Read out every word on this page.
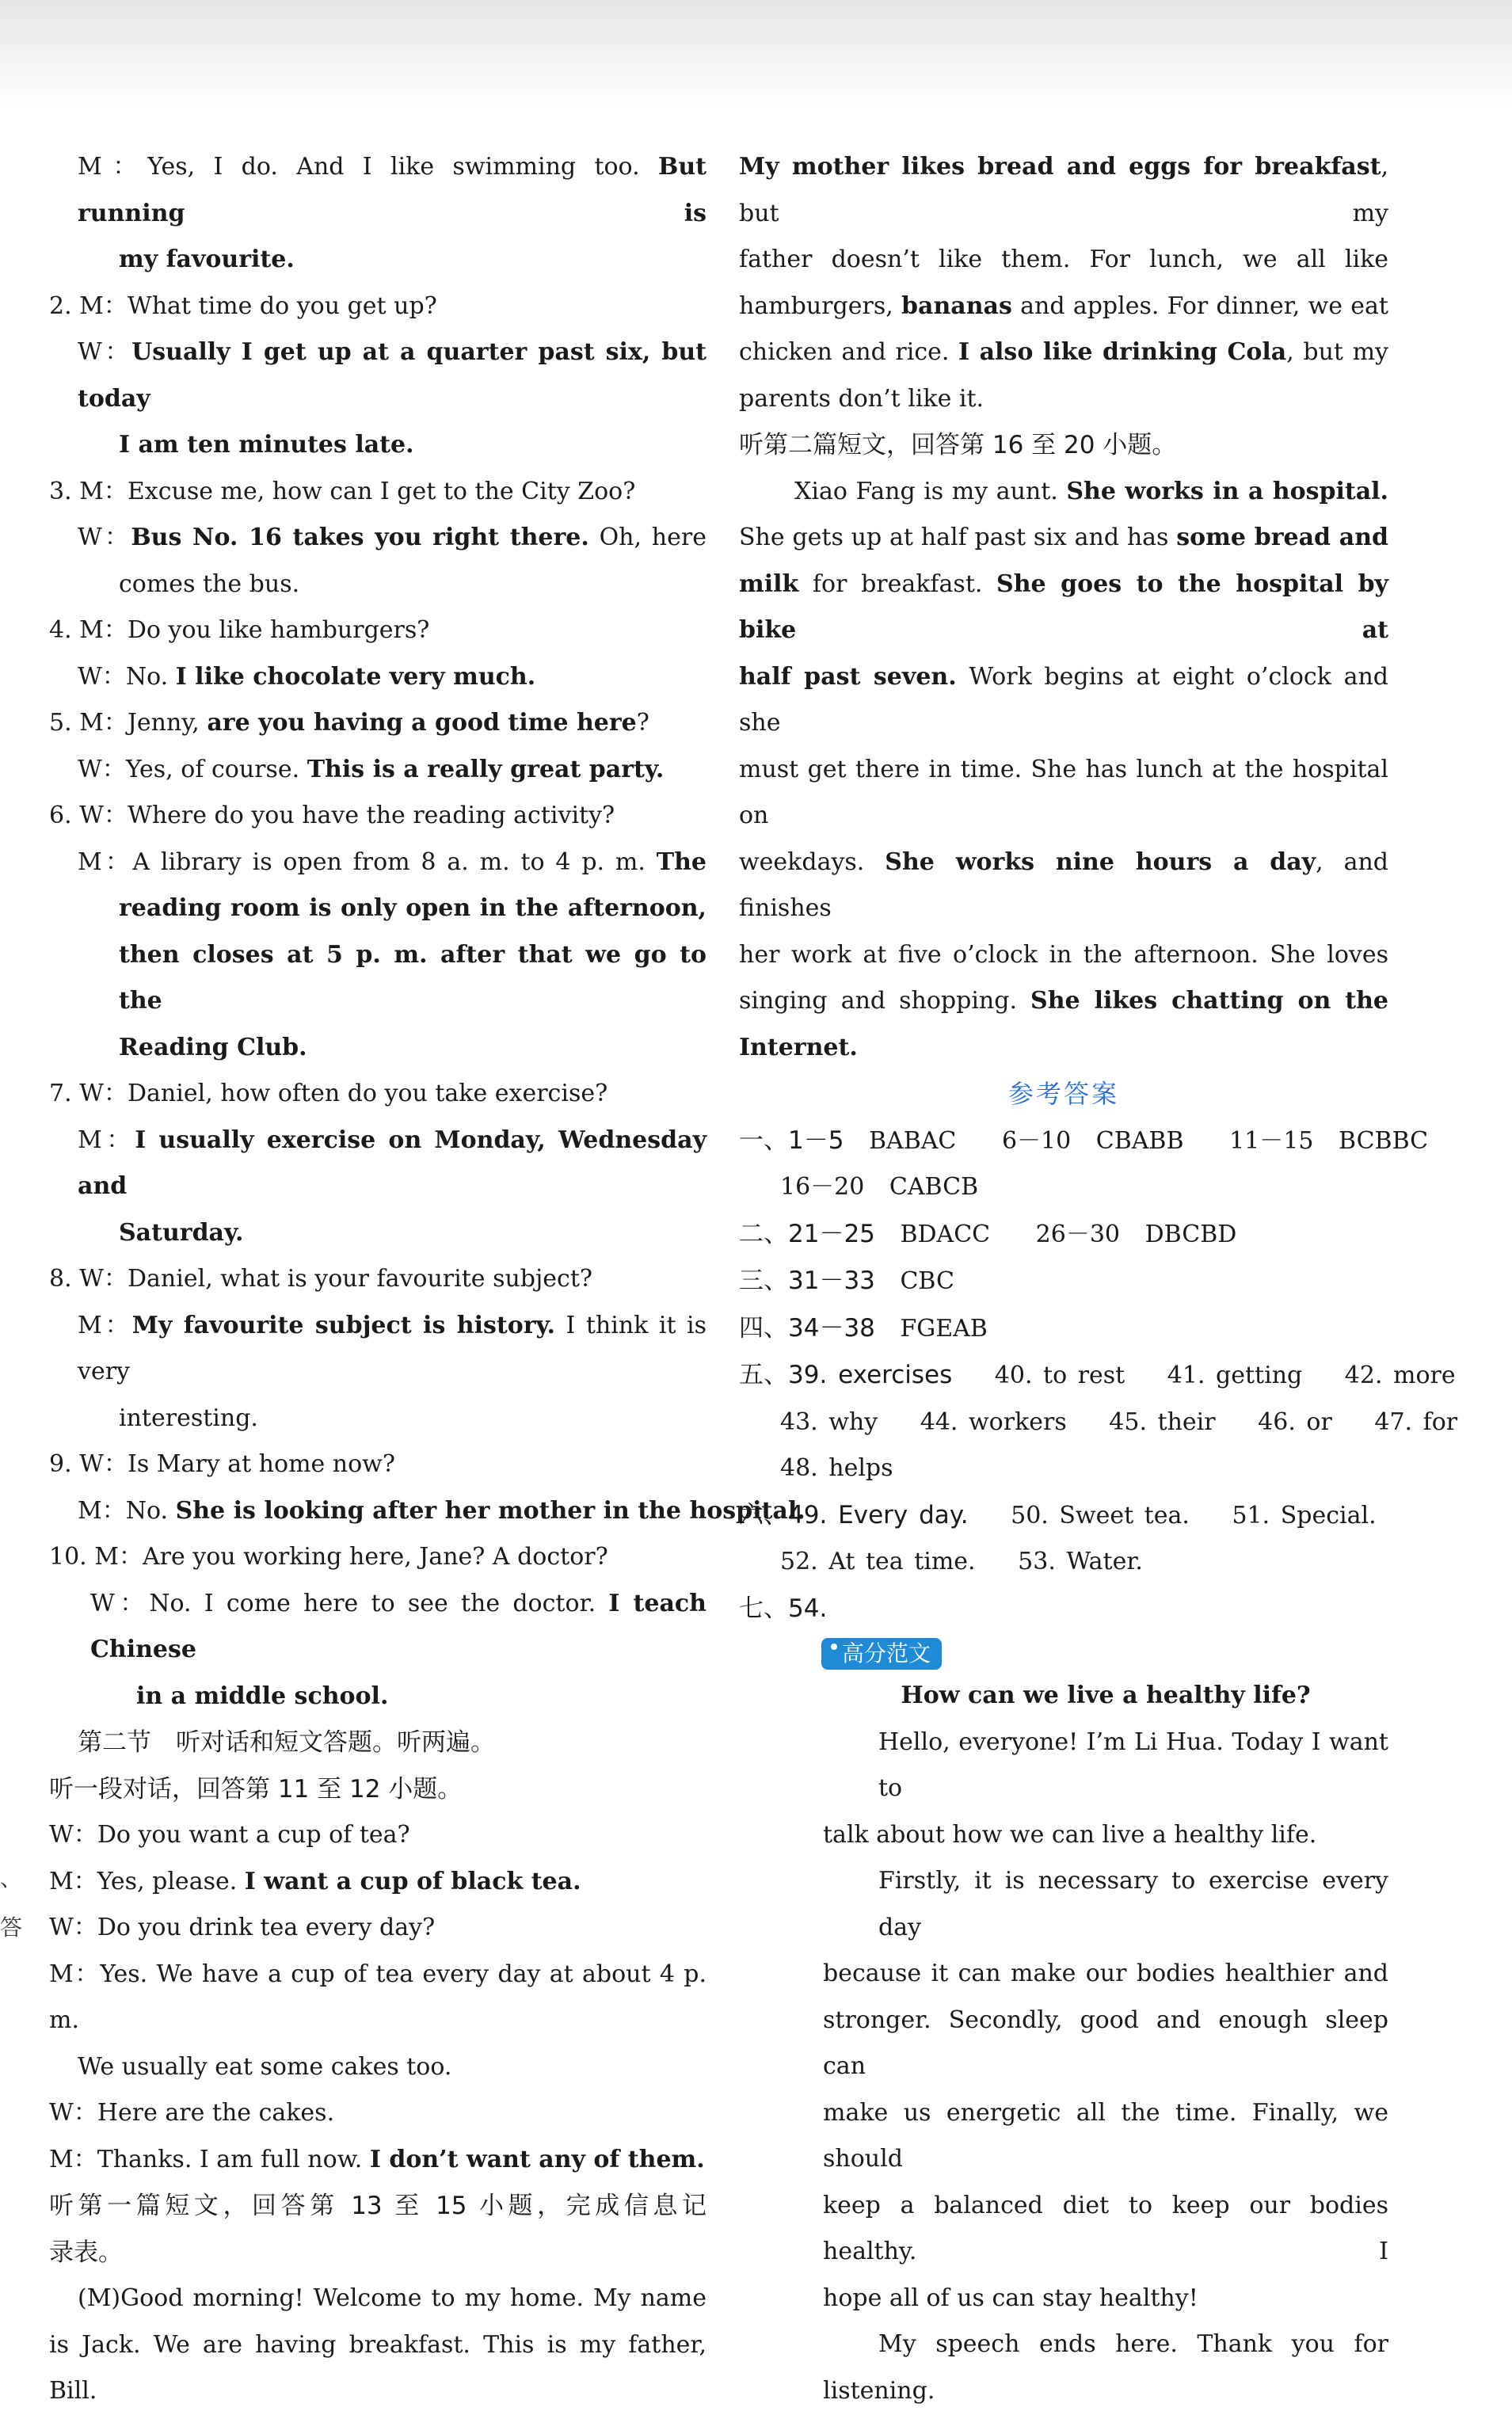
M：Yes, I do. And I like swimming too. But running is

my favourite.

2. M：What time do you get up?

W：Usually I get up at a quarter past six, but today

I am ten minutes late.

3. M：Excuse me, how can I get to the City Zoo?

W：Bus No. 16 takes you right there. Oh, here

comes the bus.

4. M：Do you like hamburgers?

W：No. I like chocolate very much.

5. M：Jenny, are you having a good time here?

W：Yes, of course. This is a really great party.

6. W：Where do you have the reading activity?

M：A library is open from 8 a. m. to 4 p. m. The

reading room is only open in the afternoon,

then closes at 5 p. m. after that we go to the

Reading Club.

7. W：Daniel, how often do you take exercise?

M：I usually exercise on Monday, Wednesday and

Saturday.

8. W：Daniel, what is your favourite subject?

M：My favourite subject is history. I think it is very

interesting.

9. W：Is Mary at home now?

M：No. She is looking after her mother in the hospital.

10. M：Are you working here, Jane? A doctor?

W：No. I come here to see the doctor. I teach Chinese

in a middle school.

第二节　听对话和短文答题。听两遍。

听一段对话，回答第 11 至 12 小题。

W：Do you want a cup of tea?

M：Yes, please. I want a cup of black tea.

W：Do you drink tea every day?

M：Yes. We have a cup of tea every day at about 4 p. m.

We usually eat some cakes too.

W：Here are the cakes.

M：Thanks. I am full now. I don’t want any of them.

听第一篇短文，回答第 13 至 15 小题，完成信息记

录表。

(M)Good morning! Welcome to my home. My name

is Jack. We are having breakfast. This is my father, Bill.

My mother likes bread and eggs for breakfast, but my

father doesn’t like them. For lunch, we all like

hamburgers, bananas and apples. For dinner, we eat

chicken and rice. I also like drinking Cola, but my

parents don’t like it.

听第二篇短文，回答第 16 至 20 小题。

Xiao Fang is my aunt. She works in a hospital.

She gets up at half past six and has some bread and

milk for breakfast. She goes to the hospital by bike at

half past seven. Work begins at eight o’clock and she

must get there in time. She has lunch at the hospital on

weekdays. She works nine hours a day, and finishes

her work at five o’clock in the afternoon. She loves

singing and shopping. She likes chatting on the

Internet.

参考答案

一、1－5 BABAC 6－10 CBABB 11－15 BCBBC

16－20 CABCB

二、21－25 BDACC 26－30 DBCBD

三、31－33 CBC

四、34－38 FGEAB

五、39. exercises 40. to rest 41. getting 42. more

43. why 44. workers 45. their 46. or 47. for

48. helps

六、49. Every day. 50. Sweet tea. 51. Special.

52. At tea time. 53. Water.

七、54.

高分范文

How can we live a healthy life?

Hello, everyone! I’m Li Hua. Today I want to

talk about how we can live a healthy life.

Firstly, it is necessary to exercise every day

because it can make our bodies healthier and

stronger. Secondly, good and enough sleep can

make us energetic all the time. Finally, we should

keep a balanced diet to keep our bodies healthy. I

hope all of us can stay healthy!

My speech ends here. Thank you for

listening.

、
答
